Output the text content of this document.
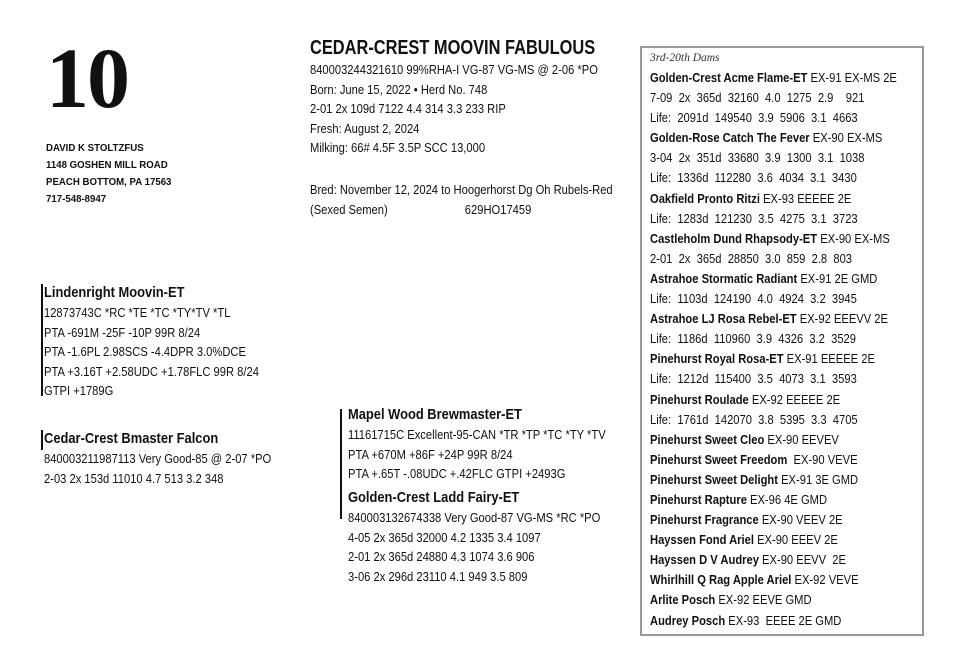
10
DAVID K STOLTZFUS
1148 GOSHEN MILL ROAD
PEACH BOTTOM, PA 17563
717-548-8947
CEDAR-CREST MOOVIN FABULOUS
840003244321610 99%RHA-I VG-87 VG-MS @ 2-06 *PO
Born: June 15, 2022 • Herd No. 748
2-01 2x 109d 7122 4.4 314 3.3 233 RIP
Fresh: August 2, 2024
Milking: 66# 4.5F 3.5P SCC 13,000
Bred: November 12, 2024 to Hoogerhorst Dg Oh Rubels-Red
(Sexed Semen)	629HO17459
Lindenright Moovin-ET
12873743C *RC *TE *TC *TY*TV *TL
PTA -691M -25F -10P 99R 8/24
PTA -1.6PL 2.98SCS -4.4DPR 3.0%DCE
PTA +3.16T +2.58UDC +1.78FLC 99R 8/24
GTPI +1789G
Cedar-Crest Bmaster Falcon
840003211987113 Very Good-85 @ 2-07 *PO
2-03 2x 153d 11010 4.7 513 3.2 348
Mapel Wood Brewmaster-ET
11161715C Excellent-95-CAN *TR *TP *TC *TY *TV
PTA +670M +86F +24P 99R 8/24
PTA +.65T -.08UDC +.42FLC GTPI +2493G
Golden-Crest Ladd Fairy-ET
840003132674338 Very Good-87 VG-MS *RC *PO
4-05 2x 365d 32000 4.2 1335 3.4 1097
2-01 2x 365d 24880 4.3 1074 3.6 906
3-06 2x 296d 23110 4.1 949 3.5 809
3rd-20th Dams
Golden-Crest Acme Flame-ET EX-91 EX-MS 2E
7-09  2x  365d  32160  4.0  1275  2.9    921
Life:  2091d  149540  3.9  5906  3.1  4663
Golden-Rose Catch The Fever EX-90 EX-MS
3-04  2x  351d  33680  3.9  1300  3.1  1038
Life:  1336d  112280  3.6  4034  3.1  3430
Oakfield Pronto Ritzi EX-93 EEEEE 2E
Life:  1283d  121230  3.5  4275  3.1  3723
Castleholm Dund Rhapsody-ET EX-90 EX-MS
2-01  2x  365d  28850  3.0  859  2.8  803
Astrahoe Stormatic Radiant EX-91 2E GMD
Life:  1103d  124190  4.0  4924  3.2  3945
Astrahoe LJ Rosa Rebel-ET EX-92 EEEVV 2E
Life:  1186d  110960  3.9  4326  3.2  3529
Pinehurst Royal Rosa-ET EX-91 EEEEE 2E
Life:  1212d  115400  3.5  4073  3.1  3593
Pinehurst Roulade EX-92 EEEEE 2E
Life:  1761d  142070  3.8  5395  3.3  4705
Pinehurst Sweet Cleo EX-90 EEVEV
Pinehurst Sweet Freedom  EX-90 VEVE
Pinehurst Sweet Delight EX-91 3E GMD
Pinehurst Rapture EX-96 4E GMD
Pinehurst Fragrance EX-90 VEEV 2E
Hayssen Fond Ariel EX-90 EEEV 2E
Hayssen D V Audrey EX-90 EEVV  2E
Whirlhill Q Rag Apple Ariel EX-92 VEVE
Arlite Posch EX-92 EEVE GMD
Audrey Posch EX-93  EEEE 2E GMD
